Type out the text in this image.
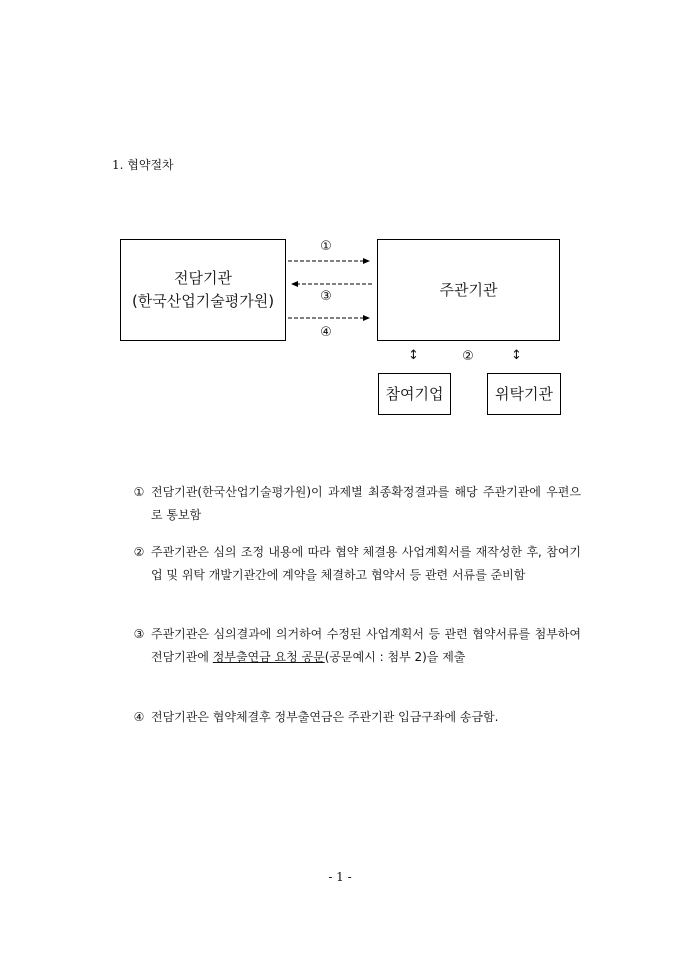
1. 협약절차
전담기관
(한국산업기술평가원)
주관기관
참여기업	위탁기관
①
③
④
↕	②	↕
① 전담기관(한국산업기술평가원)이 과제별 최종확정결과를 해당 주관기관에 우편으로 통보함
② 주관기관은 심의 조정 내용에 따라 협약 체결용 사업계획서를 재작성한 후, 참여기업 및 위탁 개발기관간에 계약을 체결하고 협약서 등 관련 서류를 준비함
③ 주관기관은 심의결과에 의거하여 수정된 사업계획서 등 관련 협약서류를 첨부하여 전담기관에 정부출연금 요청 공문(공문예시 : 첨부 2)을 제출
④ 전담기관은 협약체결후 정부출연금은 주관기관 입금구좌에 송금함.
- 1 -
